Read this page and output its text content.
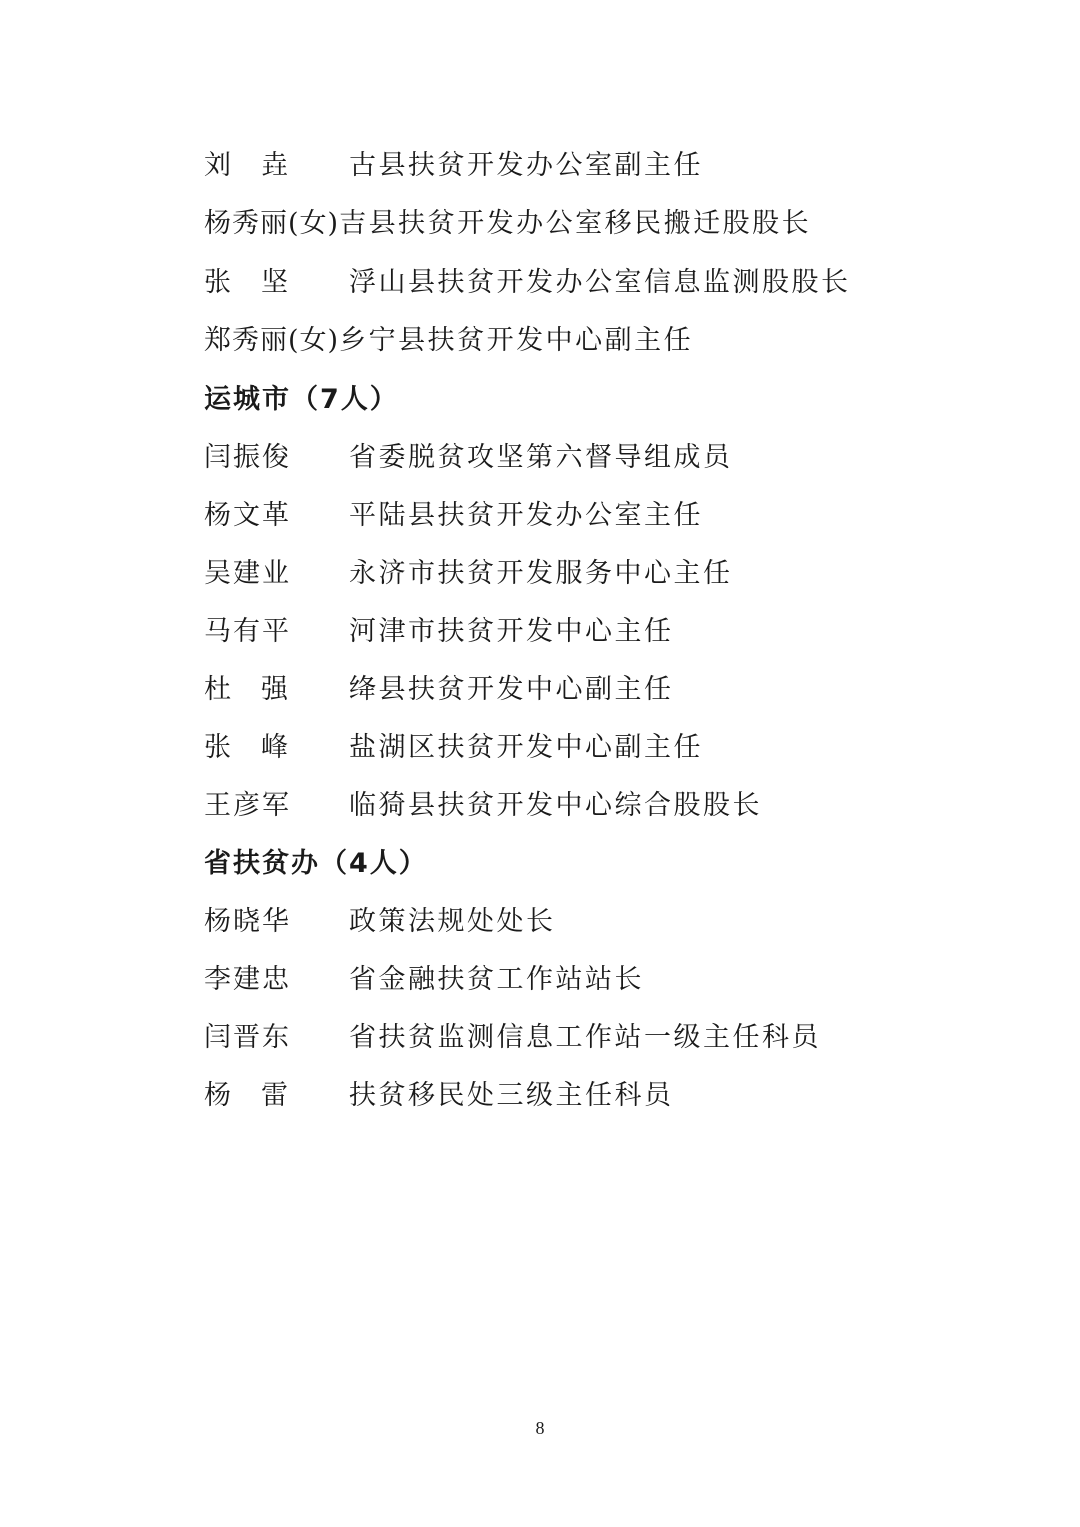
刘 垚 古县扶贫开发办公室副主任
杨秀丽(女)吉县扶贫开发办公室移民搬迁股股长
张 坚 浮山县扶贫开发办公室信息监测股股长
郑秀丽(女)乡宁县扶贫开发中心副主任
运城市（7人）
闫振俊 省委脱贫攻坚第六督导组成员
杨文革 平陆县扶贫开发办公室主任
吴建业 永济市扶贫开发服务中心主任
马有平 河津市扶贫开发中心主任
杜 强 绛县扶贫开发中心副主任
张 峰 盐湖区扶贫开发中心副主任
王彦军 临猗县扶贫开发中心综合股股长
省扶贫办（4人）
杨晓华 政策法规处处长
李建忠 省金融扶贫工作站站长
闫晋东 省扶贫监测信息工作站一级主任科员
杨 雷 扶贫移民处三级主任科员
8
